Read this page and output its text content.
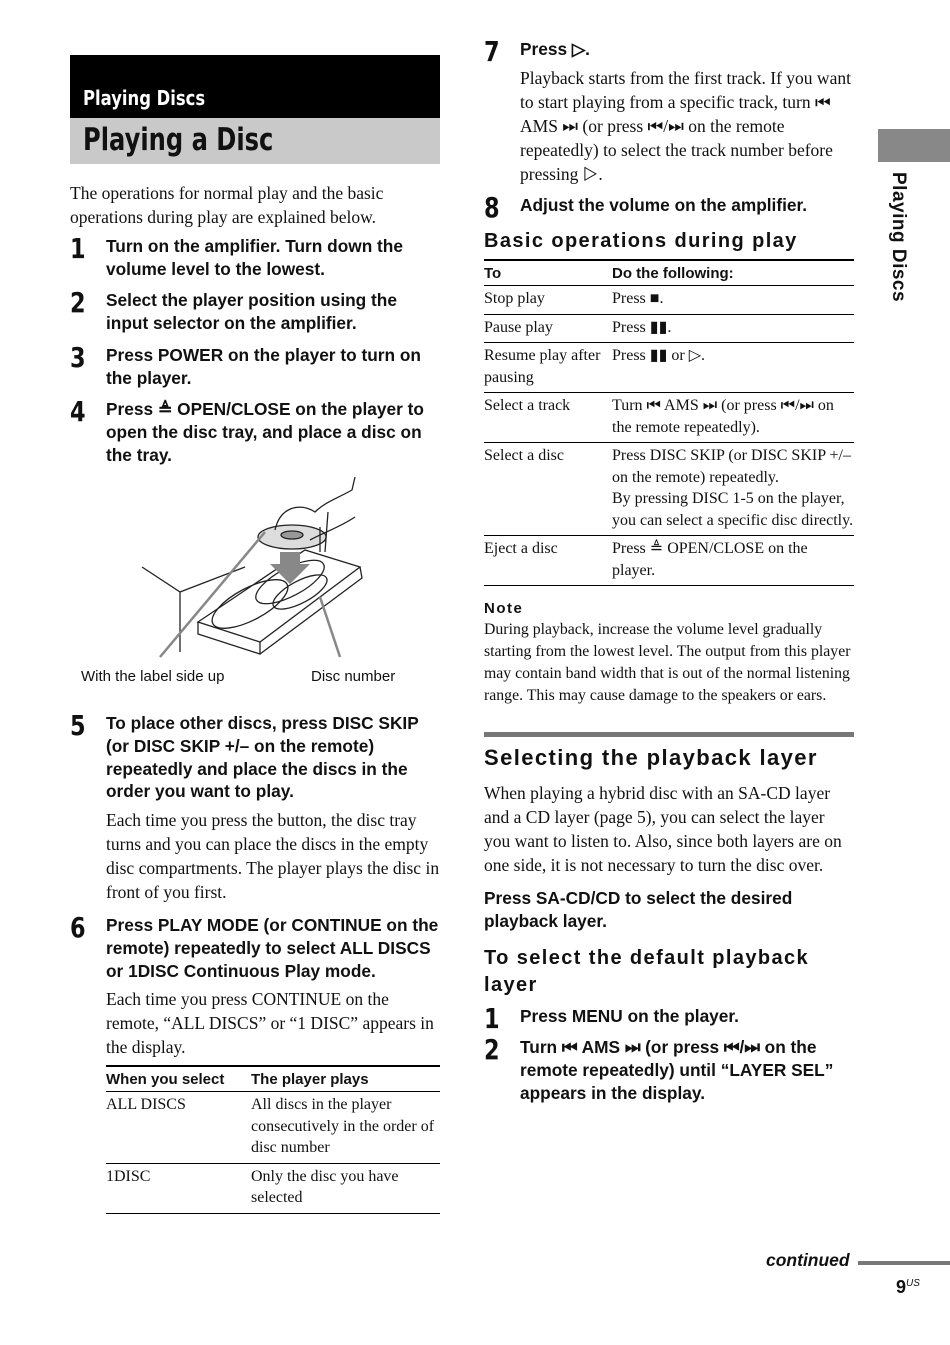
Playing Discs
Playing Discs
Playing a Disc

The operations for normal play and the basic operations during play are explained below.

1 Turn on the amplifier. Turn down the volume level to the lowest.
2 Select the player position using the input selector on the amplifier.
3 Press POWER on the player to turn on the player.
4 Press ≜ OPEN/CLOSE on the player to open the disc tray, and place a disc on the tray.
With the label side up	Disc number
5 To place other discs, press DISC SKIP (or DISC SKIP +/– on the remote) repeatedly and place the discs in the order you want to play.

Each time you press the button, the disc tray turns and you can place the discs in the empty disc compartments. The player plays the disc in front of you first.

6 Press PLAY MODE (or CONTINUE on the remote) repeatedly to select ALL DISCS or 1DISC Continuous Play mode.

Each time you press CONTINUE on the remote, “ALL DISCS” or “1 DISC” appears in the display.

When you select	The player plays
ALL DISCS	All discs in the player consecutively in the order of disc number
1DISC	Only the disc you have selected
7 Press ▷.

Playback starts from the first track. If you want to start playing from a specific track, turn ⏮ AMS ⏭ (or press ⏮/⏭ on the remote repeatedly) to select the track number before pressing ▷.

8 Adjust the volume on the amplifier.
Basic operations during play
To	Do the following:
Stop play	Press ■.
Pause play	Press ▮▮.
Resume play after pausing	Press ▮▮ or ▷.
Select a track	Turn ⏮ AMS ⏭ (or press ⏮/⏭ on the remote repeatedly).
Select a disc	Press DISC SKIP (or DISC SKIP +/– on the remote) repeatedly.
By pressing DISC 1-5 on the player, you can select a specific disc directly.
Eject a disc	Press ≜ OPEN/CLOSE on the player.
Note
During playback, increase the volume level gradually starting from the lowest level. The output from this player may contain band width that is out of the normal listening range. This may cause damage to the speakers or ears.
Selecting the playback layer

When playing a hybrid disc with an SA-CD layer and a CD layer (page 5), you can select the layer you want to listen to. Also, since both layers are on one side, it is not necessary to turn the disc over.

Press SA-CD/CD to select the desired playback layer.
To select the default playback layer
1 Press MENU on the player.
2 Turn ⏮ AMS ⏭ (or press ⏮/⏭ on the remote repeatedly) until “LAYER SEL” appears in the display.
continued
$9^{US}$
